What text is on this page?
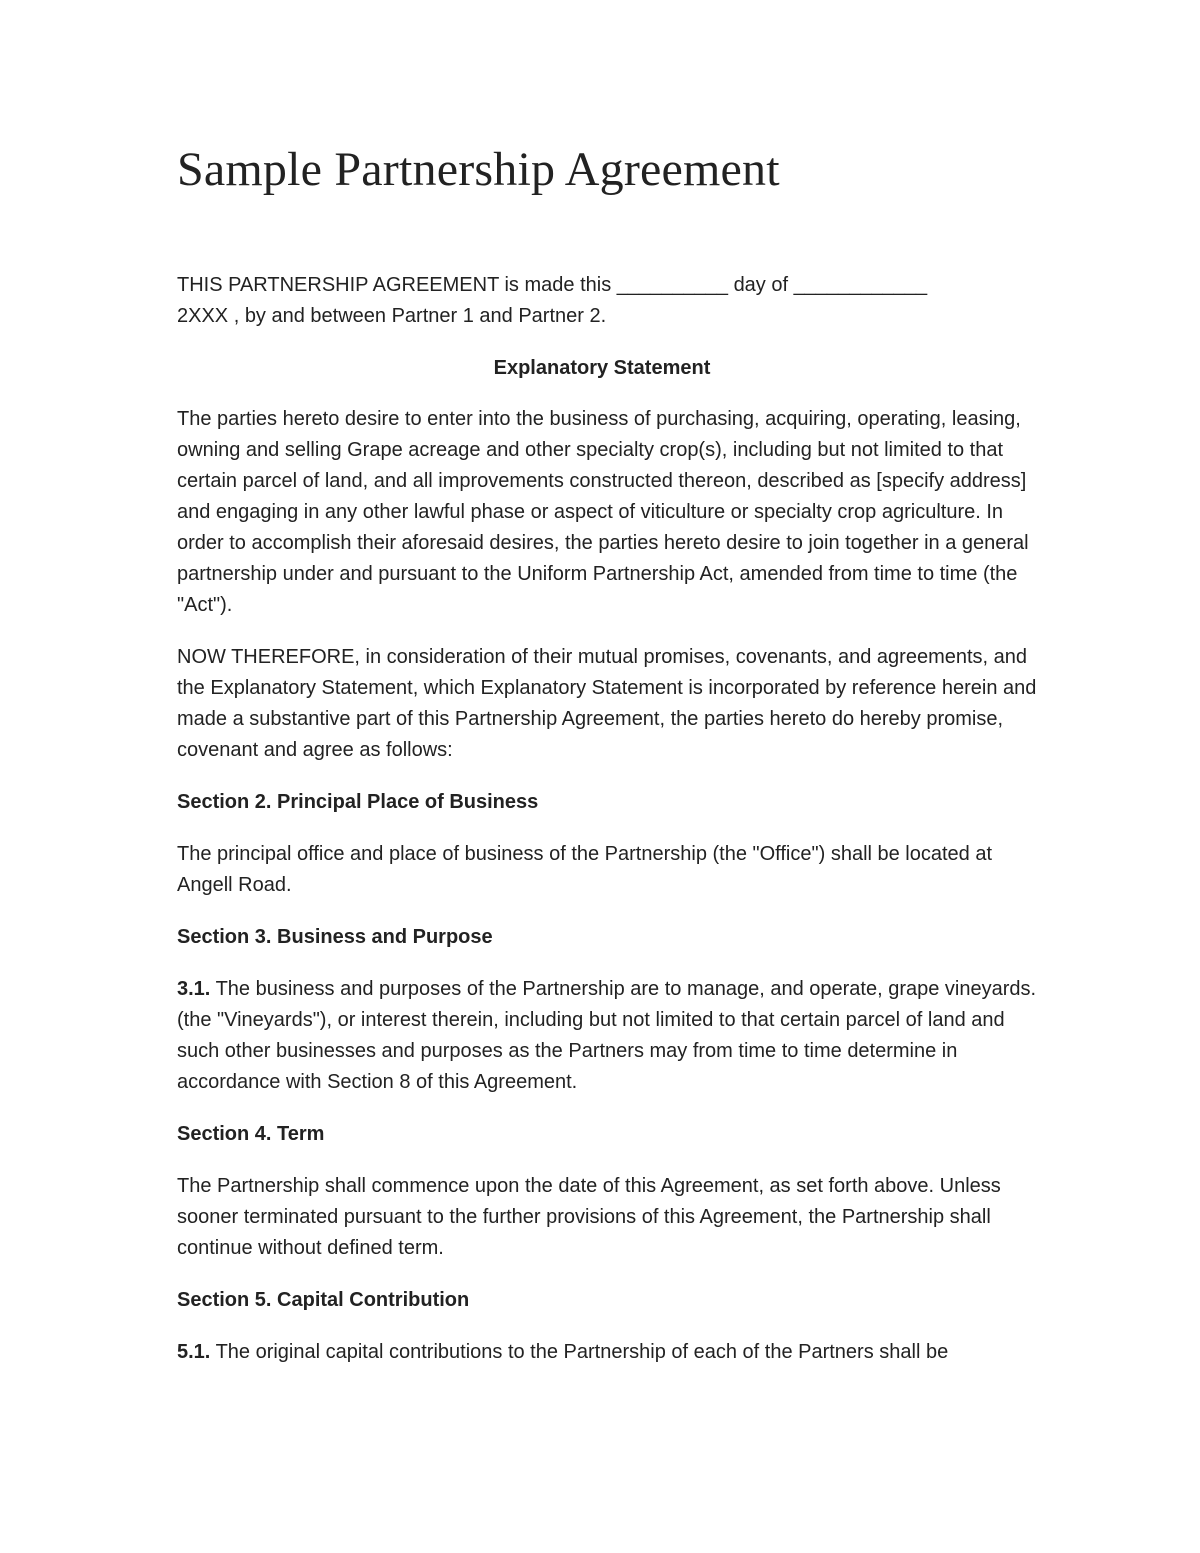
Sample Partnership Agreement

THIS PARTNERSHIP AGREEMENT is made this __________ day of ____________
2XXX , by and between Partner 1 and Partner 2.

Explanatory Statement

The parties hereto desire to enter into the business of purchasing, acquiring, operating, leasing, owning and selling Grape acreage and other specialty crop(s), including but not limited to that certain parcel of land, and all improvements constructed thereon, described as [specify address] and engaging in any other lawful phase or aspect of viticulture or specialty crop agriculture. In order to accomplish their aforesaid desires, the parties hereto desire to join together in a general partnership under and pursuant to the Uniform Partnership Act, amended from time to time (the "Act").

NOW THEREFORE, in consideration of their mutual promises, covenants, and agreements, and the Explanatory Statement, which Explanatory Statement is incorporated by reference herein and made a substantive part of this Partnership Agreement, the parties hereto do hereby promise, covenant and agree as follows:

Section 2. Principal Place of Business

The principal office and place of business of the Partnership (the "Office") shall be located at Angell Road.

Section 3. Business and Purpose

3.1. The business and purposes of the Partnership are to manage, and operate, grape vineyards. (the "Vineyards"), or interest therein, including but not limited to that certain parcel of land and such other businesses and purposes as the Partners may from time to time determine in accordance with Section 8 of this Agreement.

Section 4. Term

The Partnership shall commence upon the date of this Agreement, as set forth above. Unless sooner terminated pursuant to the further provisions of this Agreement, the Partnership shall continue without defined term.

Section 5. Capital Contribution

5.1. The original capital contributions to the Partnership of each of the Partners shall be
